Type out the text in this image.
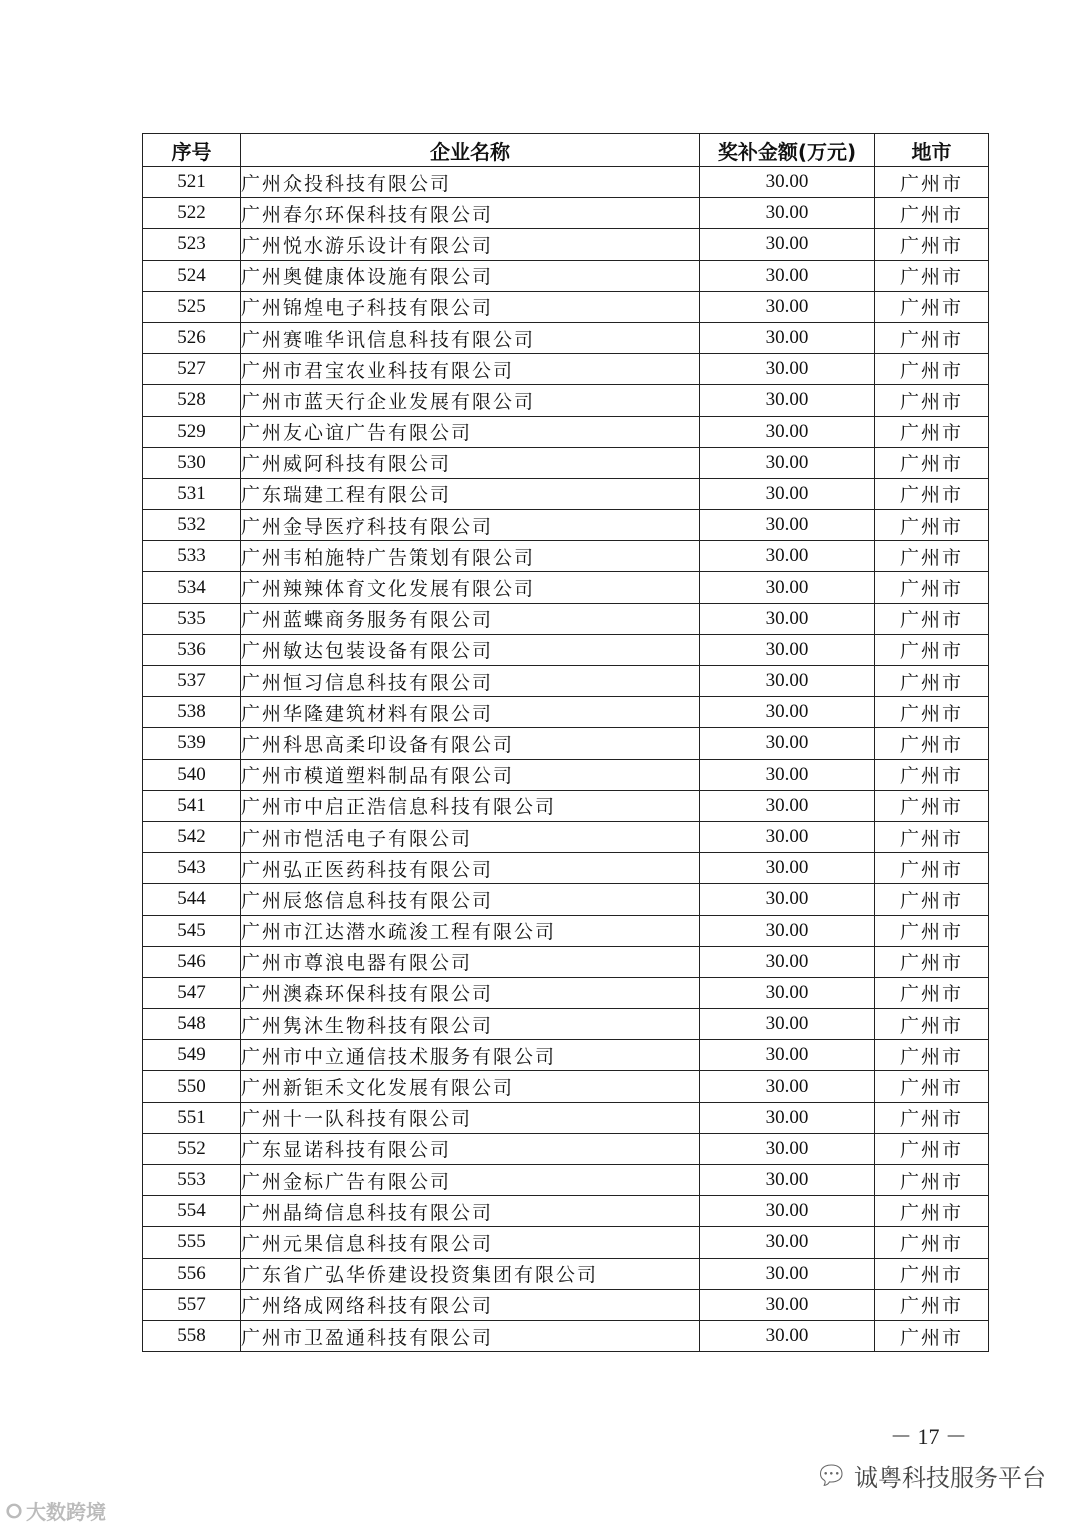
序号	企业名称	奖补金额(万元)	地市
521	广州众投科技有限公司	30.00	广州市
522	广州春尔环保科技有限公司	30.00	广州市
523	广州悦水游乐设计有限公司	30.00	广州市
524	广州奥健康体设施有限公司	30.00	广州市
525	广州锦煌电子科技有限公司	30.00	广州市
526	广州赛唯华讯信息科技有限公司	30.00	广州市
527	广州市君宝农业科技有限公司	30.00	广州市
528	广州市蓝天行企业发展有限公司	30.00	广州市
529	广州友心谊广告有限公司	30.00	广州市
530	广州威阿科技有限公司	30.00	广州市
531	广东瑞建工程有限公司	30.00	广州市
532	广州金导医疗科技有限公司	30.00	广州市
533	广州韦柏施特广告策划有限公司	30.00	广州市
534	广州辣辣体育文化发展有限公司	30.00	广州市
535	广州蓝蝶商务服务有限公司	30.00	广州市
536	广州敏达包装设备有限公司	30.00	广州市
537	广州恒习信息科技有限公司	30.00	广州市
538	广州华隆建筑材料有限公司	30.00	广州市
539	广州科思高柔印设备有限公司	30.00	广州市
540	广州市模道塑料制品有限公司	30.00	广州市
541	广州市中启正浩信息科技有限公司	30.00	广州市
542	广州市恺活电子有限公司	30.00	广州市
543	广州弘正医药科技有限公司	30.00	广州市
544	广州辰悠信息科技有限公司	30.00	广州市
545	广州市江达潜水疏浚工程有限公司	30.00	广州市
546	广州市尊浪电器有限公司	30.00	广州市
547	广州澳森环保科技有限公司	30.00	广州市
548	广州隽沐生物科技有限公司	30.00	广州市
549	广州市中立通信技术服务有限公司	30.00	广州市
550	广州新钜禾文化发展有限公司	30.00	广州市
551	广州十一队科技有限公司	30.00	广州市
552	广东显诺科技有限公司	30.00	广州市
553	广州金标广告有限公司	30.00	广州市
554	广州晶绮信息科技有限公司	30.00	广州市
555	广州元果信息科技有限公司	30.00	广州市
556	广东省广弘华侨建设投资集团有限公司	30.00	广州市
557	广州络成网络科技有限公司	30.00	广州市
558	广州市卫盈通科技有限公司	30.00	广州市
－ 17 －
💬︎ 诚粤科技服务平台
⭘ 大数跨境
